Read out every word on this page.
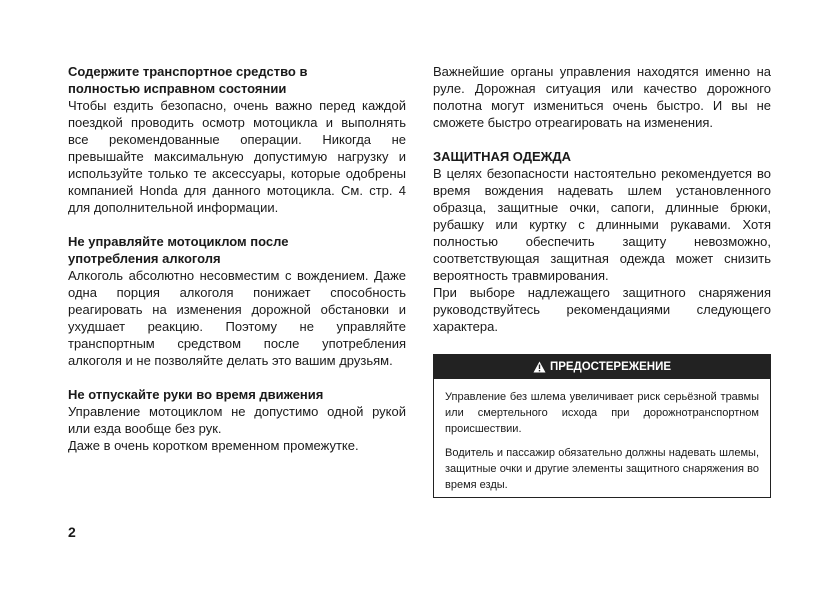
Содержите транспортное средство в
полностью исправном состоянии

Чтобы ездить безопасно, очень важно перед каждой поездкой проводить осмотр мотоцикла и выполнять все рекомендованные операции. Никогда не превышайте максимальную допустимую нагрузку и используйте только те аксессуары, которые одобрены компанией Honda для данного мотоцикла. См. стр. 4 для дополнительной информации.

Не управляйте мотоциклом после
употребления алкоголя

Алкоголь абсолютно несовместим с вождением. Даже одна порция алкоголя понижает способность реагировать на изменения дорожной обстановки и ухудшает реакцию. Поэтому не управляйте транспортным средством после употребления алкоголя и не позволяйте делать это вашим друзьям.

Не отпускайте руки во время движения

Управление мотоциклом не допустимо одной рукой или езда вообще без рук.

Даже в очень коротком временном промежутке.

Важнейшие органы управления находятся именно на руле. Дорожная ситуация или качество дорожного полотна могут измениться очень быстро. И вы не сможете быстро отреагировать на изменения.

ЗАЩИТНАЯ ОДЕЖДА

В целях безопасности настоятельно рекомендуется во время вождения надевать шлем установленного образца, защитные очки, сапоги, длинные брюки, рубашку или куртку с длинными рукавами. Хотя полностью обеспечить защиту невозможно, соответствующая защитная одежда может снизить вероятность травмирования.

При выборе надлежащего защитного снаряжения руководствуйтесь рекомендациями следующего характера.

ПРЕДОСТЕРЕЖЕНИЕ

Управление без шлема увеличивает риск серьёзной травмы или смертельного исхода при дорожнотранспортном происшествии.

Водитель и пассажир обязательно должны надевать шлемы, защитные очки и другие элементы защитного снаряжения во время езды.

2
